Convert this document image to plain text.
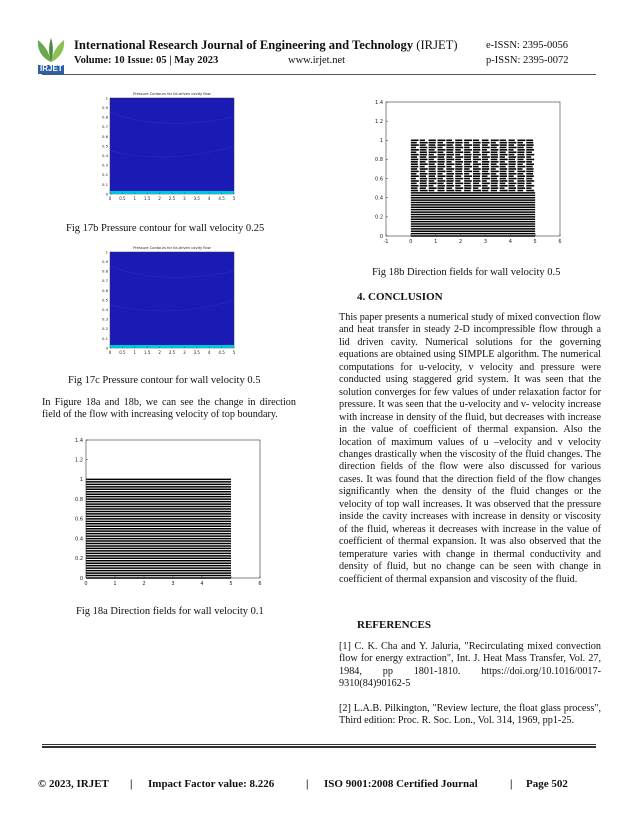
IRJET
International Research Journal of Engineering and Technology (IRJET)	e-ISSN: 2395-0056
Volume: 10 Issue: 05 | May 2023	www.irjet.net	p-ISSN: 2395-0072
Pressure Contours for lid-driven cavity flow
0 0.5 1 1.5 2 2.5 3 3.5 4 4.5 5
0
0.1
0.2
0.3
0.4
0.5
0.6
0.7
0.8
0.9
1
Fig 17b Pressure contour for wall velocity 0.25
Pressure Contours for lid-driven cavity flow
0 0.5 1 1.5 2 2.5 3 3.5 4 4.5 5
0
0.1
0.2
0.3
0.4
0.5
0.6
0.7
0.8
0.9
1
Fig 17c Pressure contour for wall velocity 0.5
In Figure 18a and 18b, we can see the change in direction field of the flow with increasing velocity of top boundary.
0	1	2	3	4	5	6
0
0.2
0.4
0.6
0.8
1
1.2
1.4
Fig 18a Direction fields for wall velocity 0.1
-1	0	1	2	3	4	5	6
0
0.2
0.4
0.6
0.8
1
1.2
1.4
Fig 18b Direction fields for wall velocity 0.5
4. CONCLUSION
This paper presents a numerical study of mixed convection flow and heat transfer in steady 2-D incompressible flow through a lid driven cavity. Numerical solutions for the governing equations are obtained using SIMPLE algorithm. The numerical computations for u-velocity, v velocity and pressure were conducted using staggered grid system. It was seen that the solution converges for few values of under relaxation factor for pressure. It was seen that the u-velocity and v- velocity increase with increase in density of the fluid, but decreases with increase in the value of coefficient of thermal expansion. Also the location of maximum values of u –velocity and v velocity changes drastically when the viscosity of the fluid changes. The direction fields of the flow were also discussed for various cases. It was found that the direction field of the flow changes significantly when the density of the fluid changes or the velocity of top wall increases. It was observed that the pressure inside the cavity increases with increase in density or viscosity of the fluid, whereas it decreases with increase in the value of coefficient of thermal expansion. It was also observed that the temperature varies with change in thermal conductivity and density of fluid, but no change can be seen with change in coefficient of thermal expansion and viscosity of the fluid.
REFERENCES
[1] C. K. Cha and Y. Jaluria, "Recirculating mixed convection flow for energy extraction", Int. J. Heat Mass Transfer, Vol. 27, 1984, pp 1801-1810. https://doi.org/10.1016/0017-9310(84)90162-5
[2] L.A.B. Pilkington, "Review lecture, the float glass process", Third edition: Proc. R. Soc. Lon., Vol. 314, 1969, pp1-25.
© 2023, IRJET | Impact Factor value: 8.226	| ISO 9001:2008 Certified Journal	| Page 502
